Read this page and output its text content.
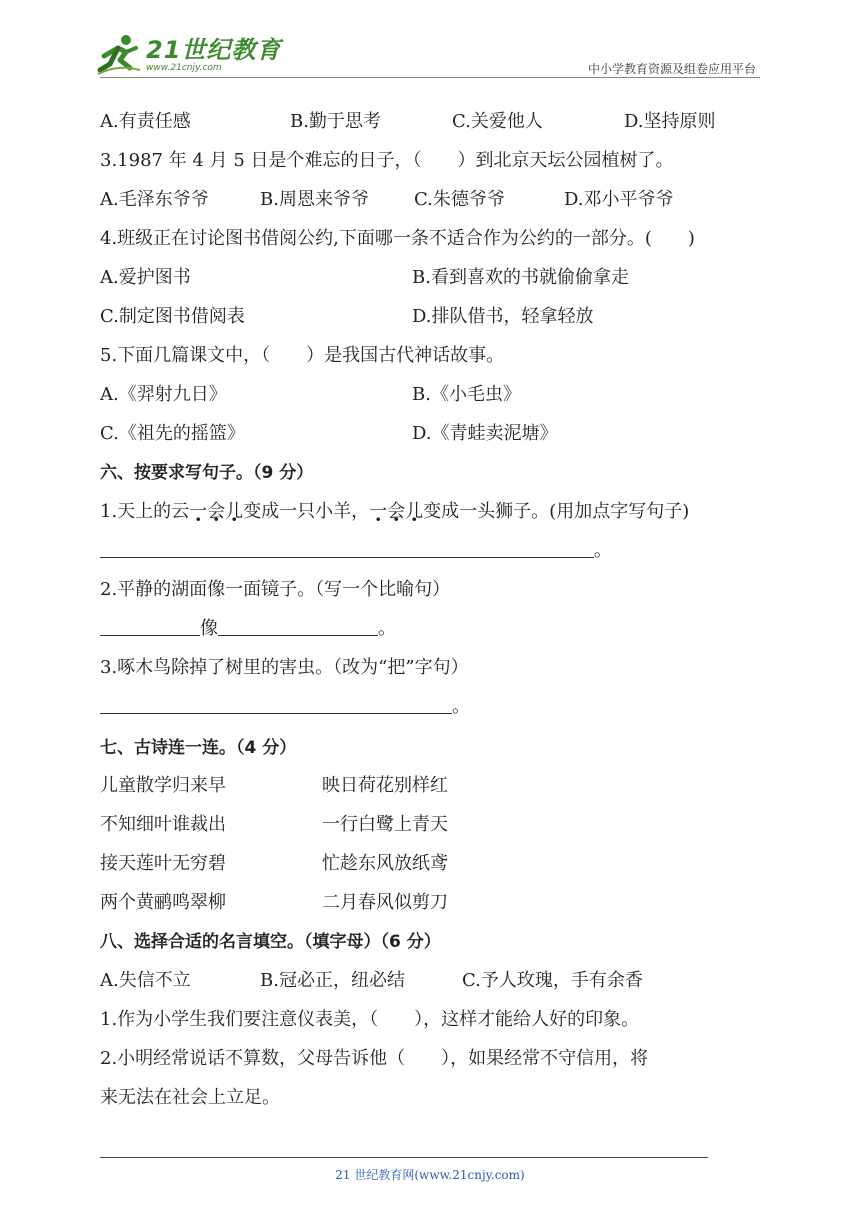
21世纪教育
www.21cnjy.com	中小学教育资源及组卷应用平台
A.有责任感	B.勤于思考	C.关爱他人	D.坚持原则
3.1987 年 4 月 5 日是个难忘的日子，（　　）到北京天坛公园植树了。
A.毛泽东爷爷	B.周恩来爷爷	C.朱德爷爷	D.邓小平爷爷
4.班级正在讨论图书借阅公约,下面哪一条不适合作为公约的一部分。(　　)
A.爱护图书	B.看到喜欢的书就偷偷拿走
C.制定图书借阅表	D.排队借书，轻拿轻放
5.下面几篇课文中，（　　）是我国古代神话故事。
A.《羿射九日》	B.《小毛虫》
C.《祖先的摇篮》	D.《青蛙卖泥塘》
六、按要求写句子。（9 分）
1.天上的云一 ·会 ·儿 ·变成一只小羊，一 ·会 ·儿 ·变成一头狮子。(用加点字写句子)
。
2.平静的湖面像一面镜子。（写一个比喻句）
像	。
3.啄木鸟除掉了树里的害虫。（改为“把”字句）
。
七、古诗连一连。（4 分）
儿童散学归来早	映日荷花别样红
不知细叶谁裁出	一行白鹭上青天
接天莲叶无穷碧	忙趁东风放纸鸢
两个黄鹂鸣翠柳	二月春风似剪刀
八、选择合适的名言填空。（填字母）（6 分）
A.失信不立	B.冠必正，纽必结	C.予人玫瑰，手有余香
1.作为小学生我们要注意仪表美，（　　），这样才能给人好的印象。
2.小明经常说话不算数，父母告诉他（　　），如果经常不守信用，将
来无法在社会上立足。
21 世纪教育网(www.21cnjy.com)
